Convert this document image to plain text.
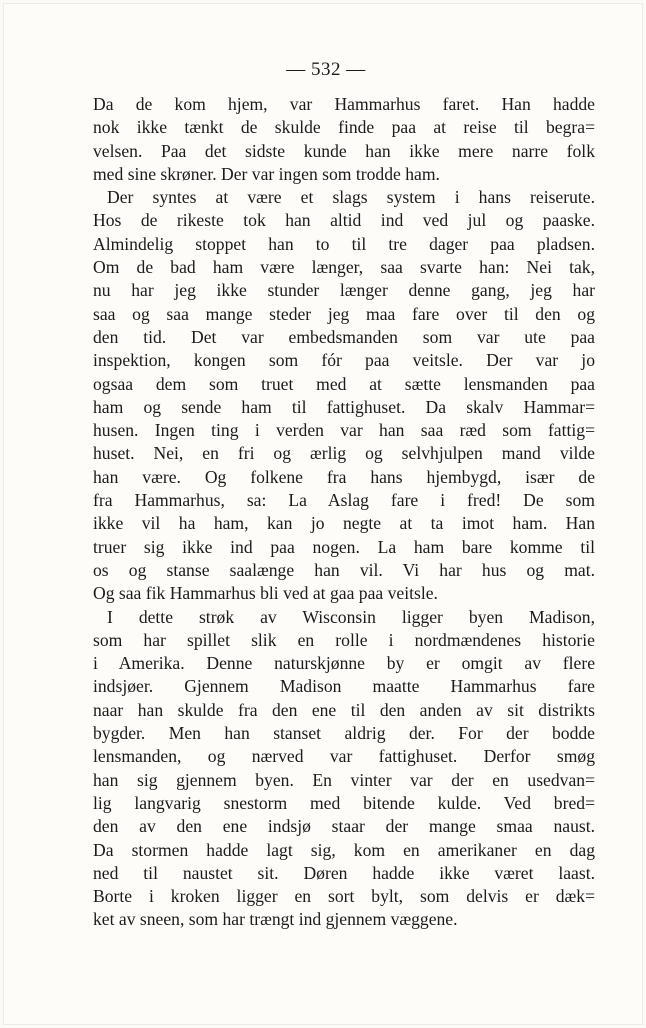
— 532 —
Da de kom hjem, var Hammarhus faret. Han hadde
nok ikke tænkt de skulde finde paa at reise til begra=
velsen. Paa det sidste kunde han ikke mere narre folk
med sine skrøner. Der var ingen som trodde ham.
Der syntes at være et slags system i hans reiserute.
Hos de rikeste tok han altid ind ved jul og paaske.
Almindelig stoppet han to til tre dager paa pladsen.
Om de bad ham være længer, saa svarte han: Nei tak,
nu har jeg ikke stunder længer denne gang, jeg har
saa og saa mange steder jeg maa fare over til den og
den tid. Det var embedsmanden som var ute paa
inspektion, kongen som fór paa veitsle. Der var jo
ogsaa dem som truet med at sætte lensmanden paa
ham og sende ham til fattighuset. Da skalv Hammar=
husen. Ingen ting i verden var han saa ræd som fattig=
huset. Nei, en fri og ærlig og selvhjulpen mand vilde
han være. Og folkene fra hans hjembygd, især de
fra Hammarhus, sa: La Aslag fare i fred! De som
ikke vil ha ham, kan jo negte at ta imot ham. Han
truer sig ikke ind paa nogen. La ham bare komme til
os og stanse saalænge han vil. Vi har hus og mat.
Og saa fik Hammarhus bli ved at gaa paa veitsle.
I dette strøk av Wisconsin ligger byen Madison,
som har spillet slik en rolle i nordmændenes historie
i Amerika. Denne naturskjønne by er omgit av flere
indsjøer. Gjennem Madison maatte Hammarhus fare
naar han skulde fra den ene til den anden av sit distrikts
bygder. Men han stanset aldrig der. For der bodde
lensmanden, og nærved var fattighuset. Derfor smøg
han sig gjennem byen. En vinter var der en usedvan=
lig langvarig snestorm med bitende kulde. Ved bred=
den av den ene indsjø staar der mange smaa naust.
Da stormen hadde lagt sig, kom en amerikaner en dag
ned til naustet sit. Døren hadde ikke været laast.
Borte i kroken ligger en sort bylt, som delvis er dæk=
ket av sneen, som har trængt ind gjennem væggene.
